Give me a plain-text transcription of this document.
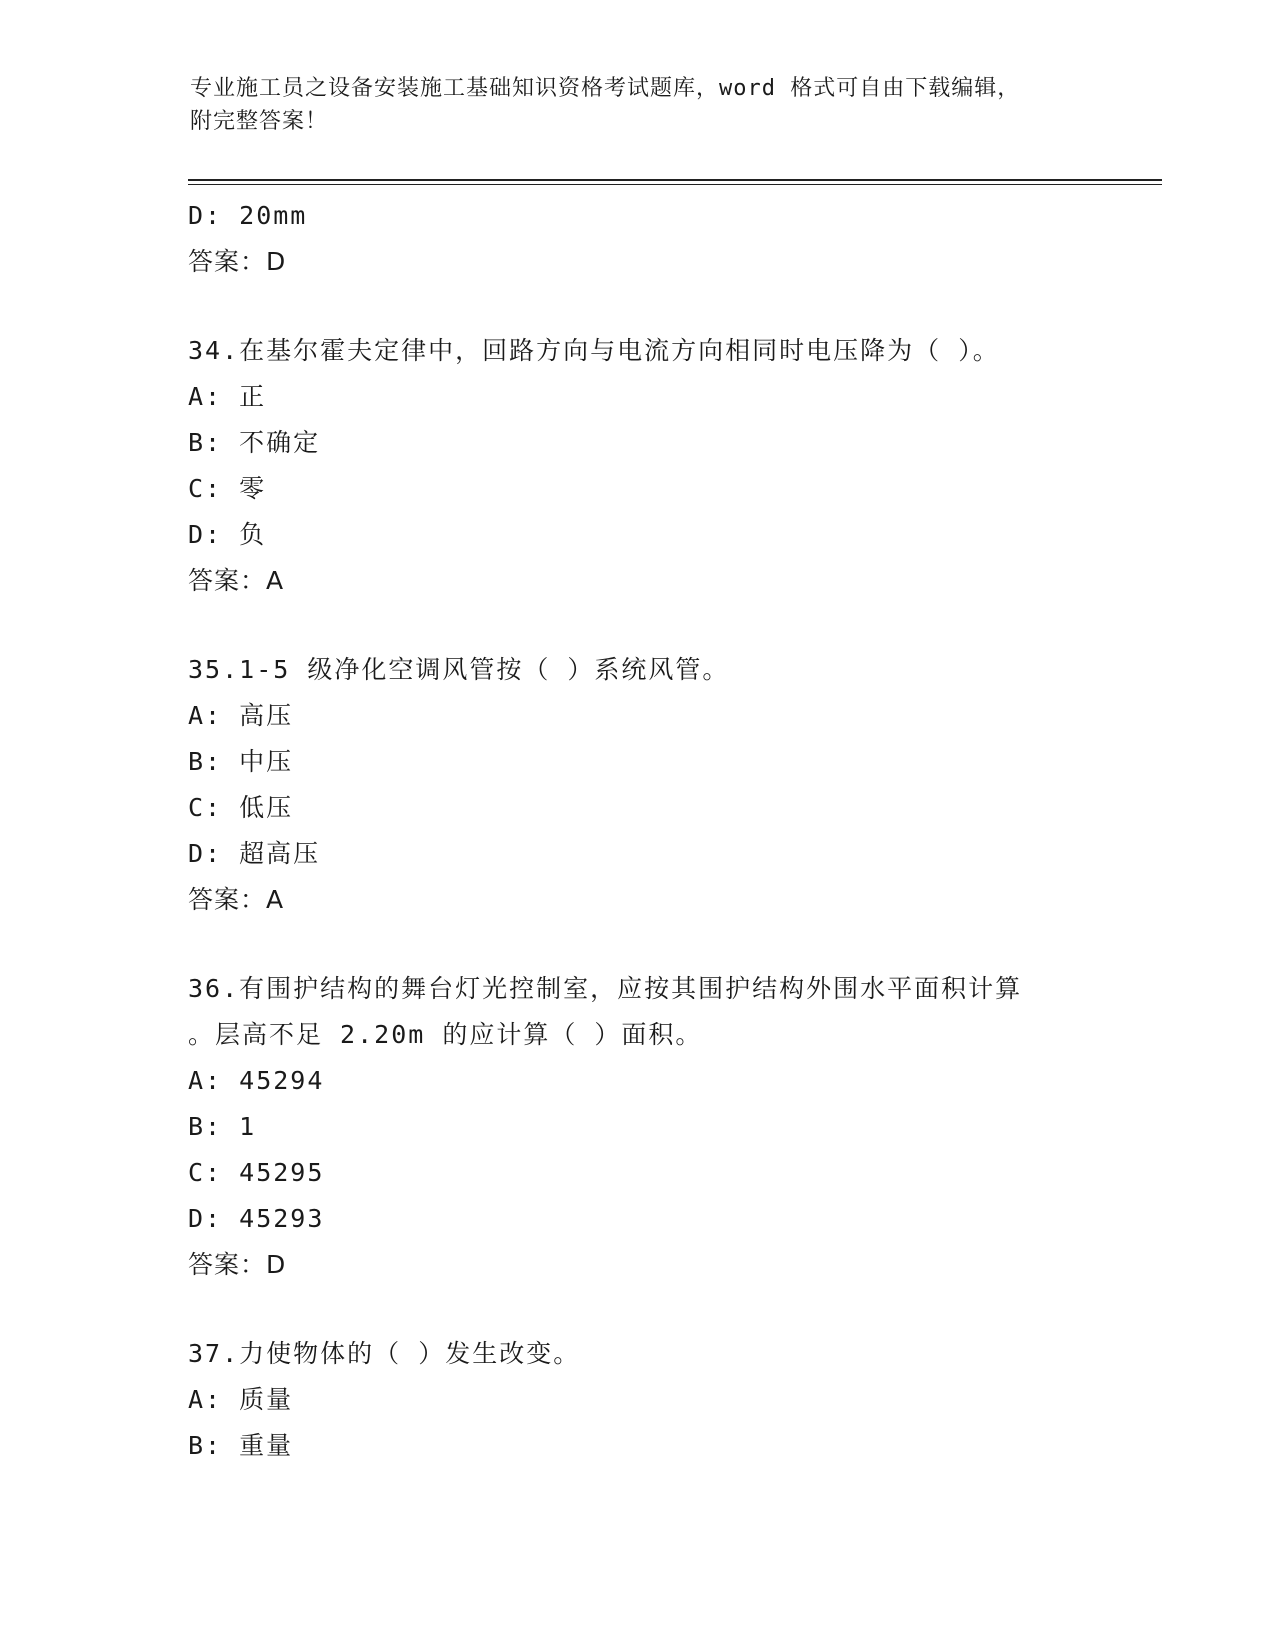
专业施工员之设备安装施工基础知识资格考试题库，word 格式可自由下载编辑，
附完整答案！
D: 20mm
答案：D
34.在基尔霍夫定律中，回路方向与电流方向相同时电压降为（ ）。
A: 正
B: 不确定
C: 零
D: 负
答案：A
35.1-5 级净化空调风管按（ ）系统风管。
A: 高压
B: 中压
C: 低压
D: 超高压
答案：A
36.有围护结构的舞台灯光控制室，应按其围护结构外围水平面积计算
。层高不足 2.20m 的应计算（ ）面积。
A: 45294
B: 1
C: 45295
D: 45293
答案：D
37.力使物体的（ ）发生改变。
A: 质量
B: 重量
